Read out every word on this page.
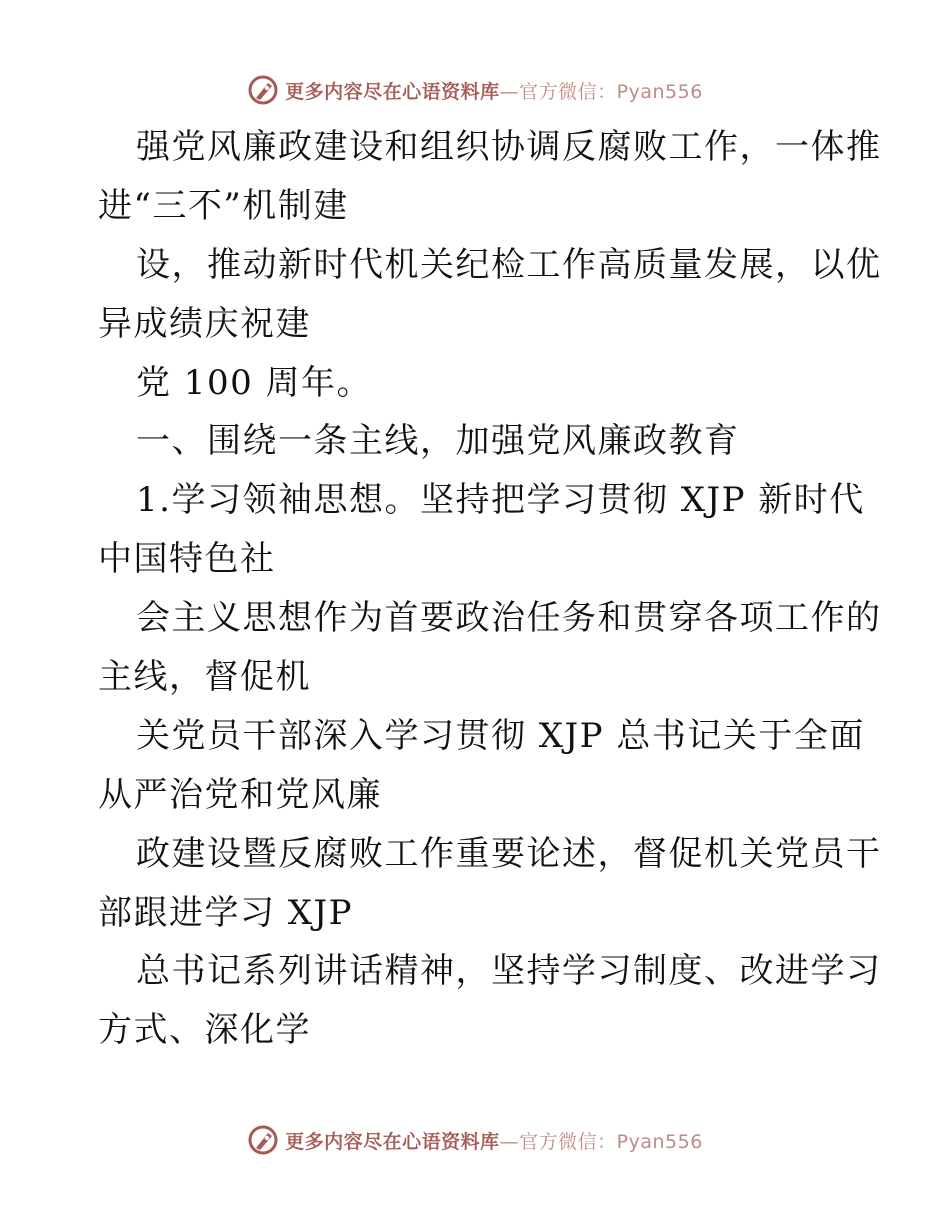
更多内容尽在心语资料库—官方微信：Pyan556
强党风廉政建设和组织协调反腐败工作，一体推
进“三不”机制建
设，推动新时代机关纪检工作高质量发展，以优
异成绩庆祝建
党 100 周年。
一、围绕一条主线，加强党风廉政教育
1.学习领袖思想。坚持把学习贯彻 XJP 新时代
中国特色社
会主义思想作为首要政治任务和贯穿各项工作的
主线，督促机
关党员干部深入学习贯彻 XJP 总书记关于全面
从严治党和党风廉
政建设暨反腐败工作重要论述，督促机关党员干
部跟进学习 XJP
总书记系列讲话精神，坚持学习制度、改进学习
方式、深化学
更多内容尽在心语资料库—官方微信：Pyan556
